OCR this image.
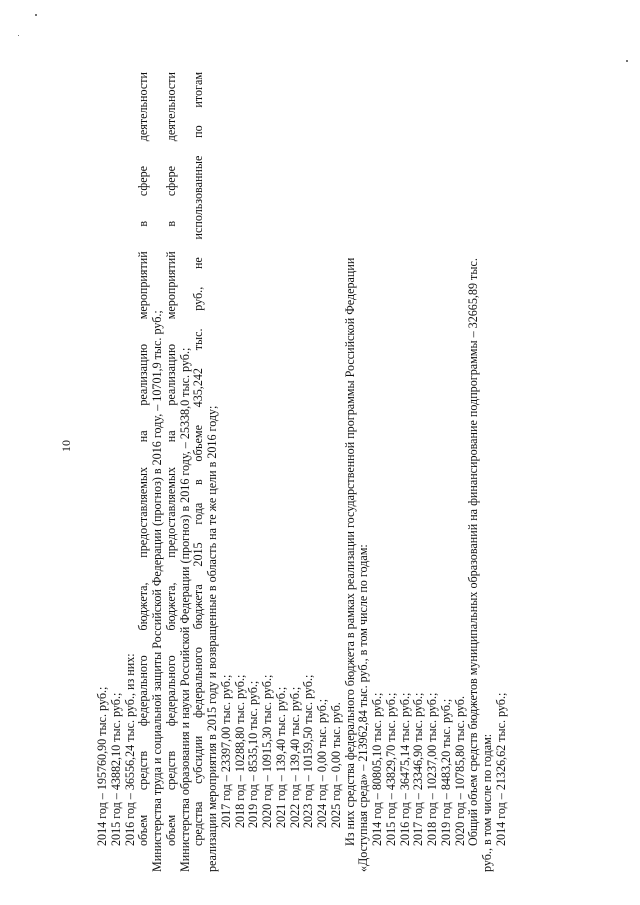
10

2014 год – 195760,90 тыс. руб.; 2015 год – 43882,10 тыс. руб.; 2016 год – 36556,24 тыс. руб., из них: объем средств федерального бюджета, предоставляемых на реализацию мероприятий в сфере деятельности Министерства труда и социальной защиты Российской Федерации (прогноз) в 2016 году, – 10701,9 тыс. руб.; объем средств федерального бюджета, предоставляемых на реализацию мероприятий в сфере деятельности Министерства образования и науки Российской Федерации (прогноз) в 2016 году, – 25338,0 тыс. руб.; средства субсидии федерального бюджета 2015 года в объеме 435,242 тыс. руб., не использованные по итогам реализации мероприятия в 2015 году и возвращенные в область на те же цели в 2016 году; 2017 год – 23397,00 тыс. руб.; 2018 год – 10288,80 тыс. руб.; 2019 год – 8535,10 тыс. руб.; 2020 год – 10915,30 тыс. руб.; 2021 год – 139,40 тыс. руб.; 2022 год – 139,40 тыс. руб.; 2023 год – 10159,50 тыс. руб.; 2024 год – 0,00 тыс. руб.; 2025 год – 0,00 тыс. руб. Из них средства федерального бюджета в рамках реализации государственной программы Российской Федерации «Доступная среда» – 213962,84 тыс. руб., в том числе по годам: 2014 год – 80805,10 тыс. руб.; 2015 год – 43829,70 тыс. руб.; 2016 год – 36475,14 тыс. руб.; 2017 год – 23346,90 тыс. руб.; 2018 год – 10237,00 тыс. руб.; 2019 год – 8483,20 тыс. руб.; 2020 год – 10785,80 тыс. руб. Общий объем средств бюджетов муниципальных образований на финансирование подпрограммы – 32665,89 тыс. руб., в том числе по годам: 2014 год – 21326,62 тыс. руб.;
